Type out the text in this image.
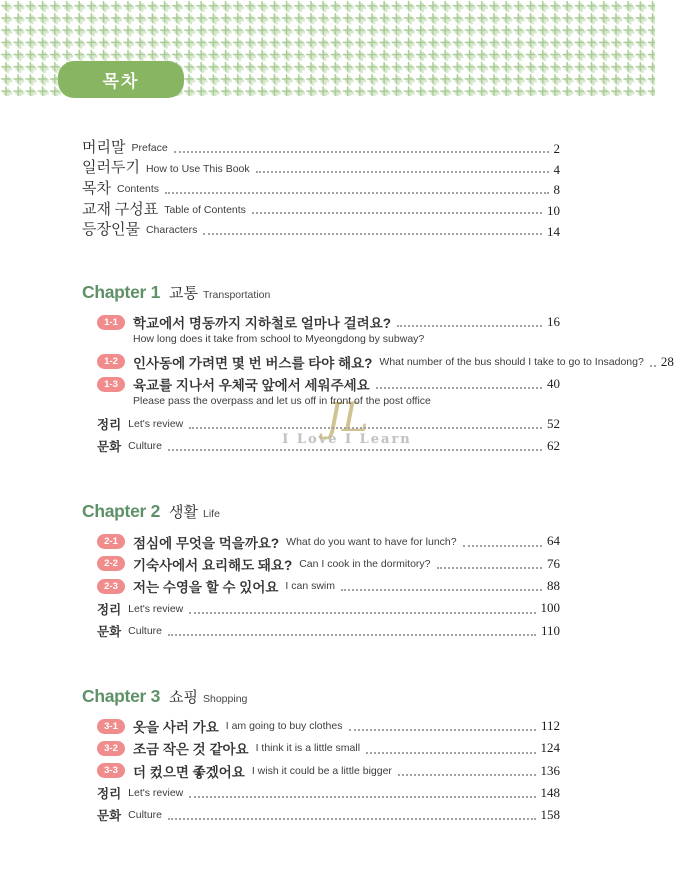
목차
JL
I Love I Learn
머리말 Preface	2
일러두기 How to Use This Book	4
목차 Contents	8
교재 구성표 Table of Contents	10
등장인물 Characters	14
Chapter 1 교통 Transportation
1-1	학교에서 명동까지 지하철로 얼마나 걸려요?	16
How long does it take from school to Myeongdong by subway?
1-2	인사동에 가려면 몇 번 버스를 타야 해요? What number of the bus should I take to go to Insadong? 28
1-3	육교를 지나서 우체국 앞에서 세워주세요	40
Please pass the overpass and let us off in front of the post office
정리 Let's review	52
문화 Culture	62
Chapter 2 생활 Life
2-1	점심에 무엇을 먹을까요? What do you want to have for lunch?	64
2-2	기숙사에서 요리해도 돼요? Can I cook in the dormitory?	76
2-3	저는 수영을 할 수 있어요 I can swim	88
정리 Let's review	100
문화 Culture	110
Chapter 3 쇼핑 Shopping
3-1	옷을 사러 가요 I am going to buy clothes	112
3-2	조금 작은 것 같아요 I think it is a little small	124
3-3	더 컸으면 좋겠어요 I wish it could be a little bigger	136
정리 Let's review	148
문화 Culture	158
